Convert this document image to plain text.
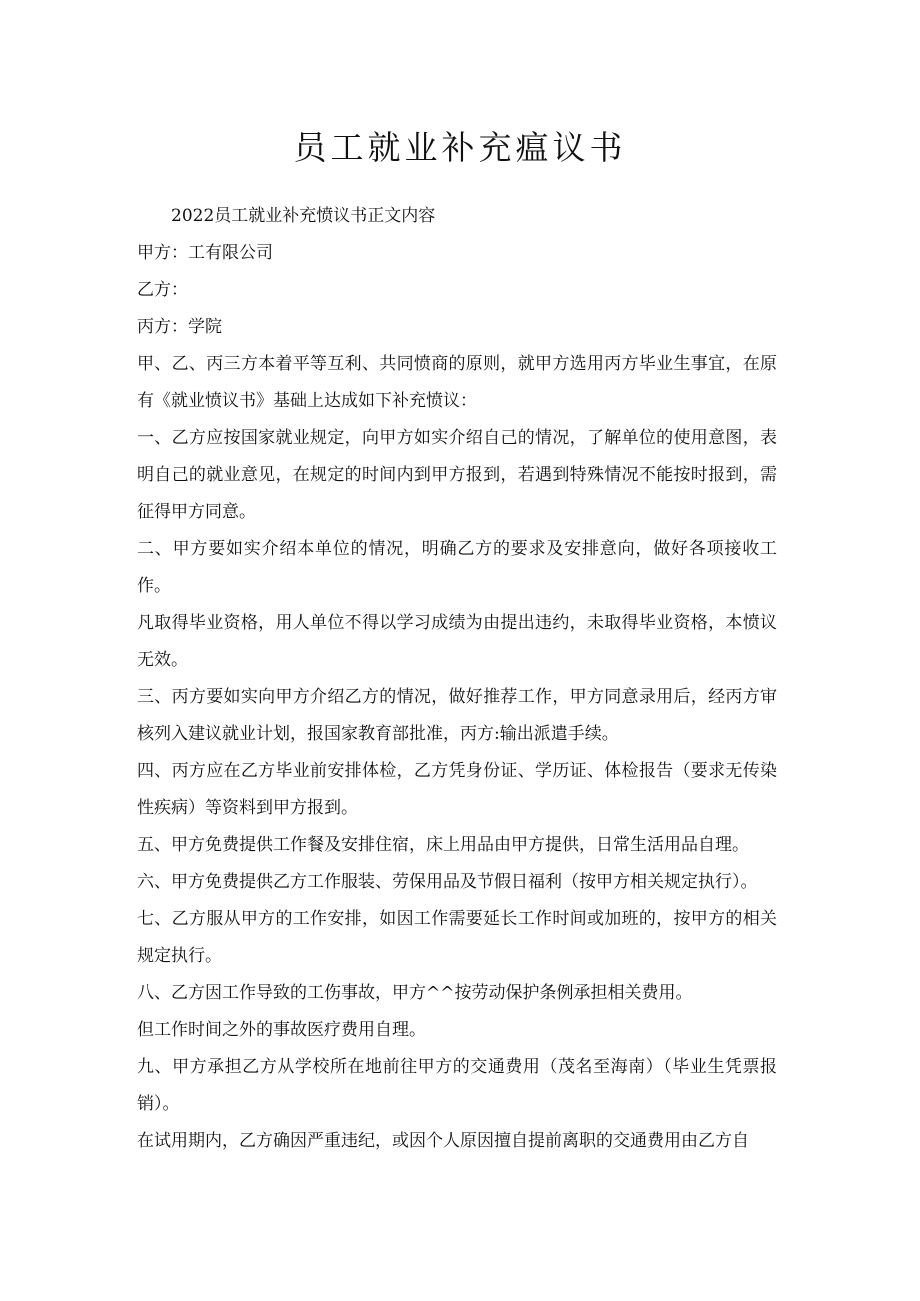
员工就业补充瘟议书

2022员工就业补充愤议书正文内容

甲方：工有限公司

乙方：

丙方：学院

甲、乙、丙三方本着平等互利、共同愤商的原则，就甲方选用丙方毕业生事宜，在原有《就业愤议书》基础上达成如下补充愤议：

一、乙方应按国家就业规定，向甲方如实介绍自己的情况，了解单位的使用意图，表明自己的就业意见，在规定的时间内到甲方报到，若遇到特殊情况不能按时报到，需征得甲方同意。

二、甲方要如实介绍本单位的情况，明确乙方的要求及安排意向，做好各项接收工作。

凡取得毕业资格，用人单位不得以学习成绩为由提出违约，未取得毕业资格，本愤议无效。

三、丙方要如实向甲方介绍乙方的情况，做好推荐工作，甲方同意录用后，经丙方审核列入建议就业计划，报国家教育部批准，丙方:输出派遣手续。

四、丙方应在乙方毕业前安排体检，乙方凭身份证、学历证、体检报告（要求无传染性疾病）等资料到甲方报到。

五、甲方免费提供工作餐及安排住宿，床上用品由甲方提供，日常生活用品自理。

六、甲方免费提供乙方工作服装、劳保用品及节假日福利（按甲方相关规定执行）。

七、乙方服从甲方的工作安排，如因工作需要延长工作时间或加班的，按甲方的相关规定执行。

八、乙方因工作导致的工伤事故，甲方^^按劳动保护条例承担相关费用。

但工作时间之外的事故医疗费用自理。

九、甲方承担乙方从学校所在地前往甲方的交通费用（茂名至海南）（毕业生凭票报销）。

在试用期内，乙方确因严重违纪，或因个人原因擅自提前离职的交通费用由乙方自
